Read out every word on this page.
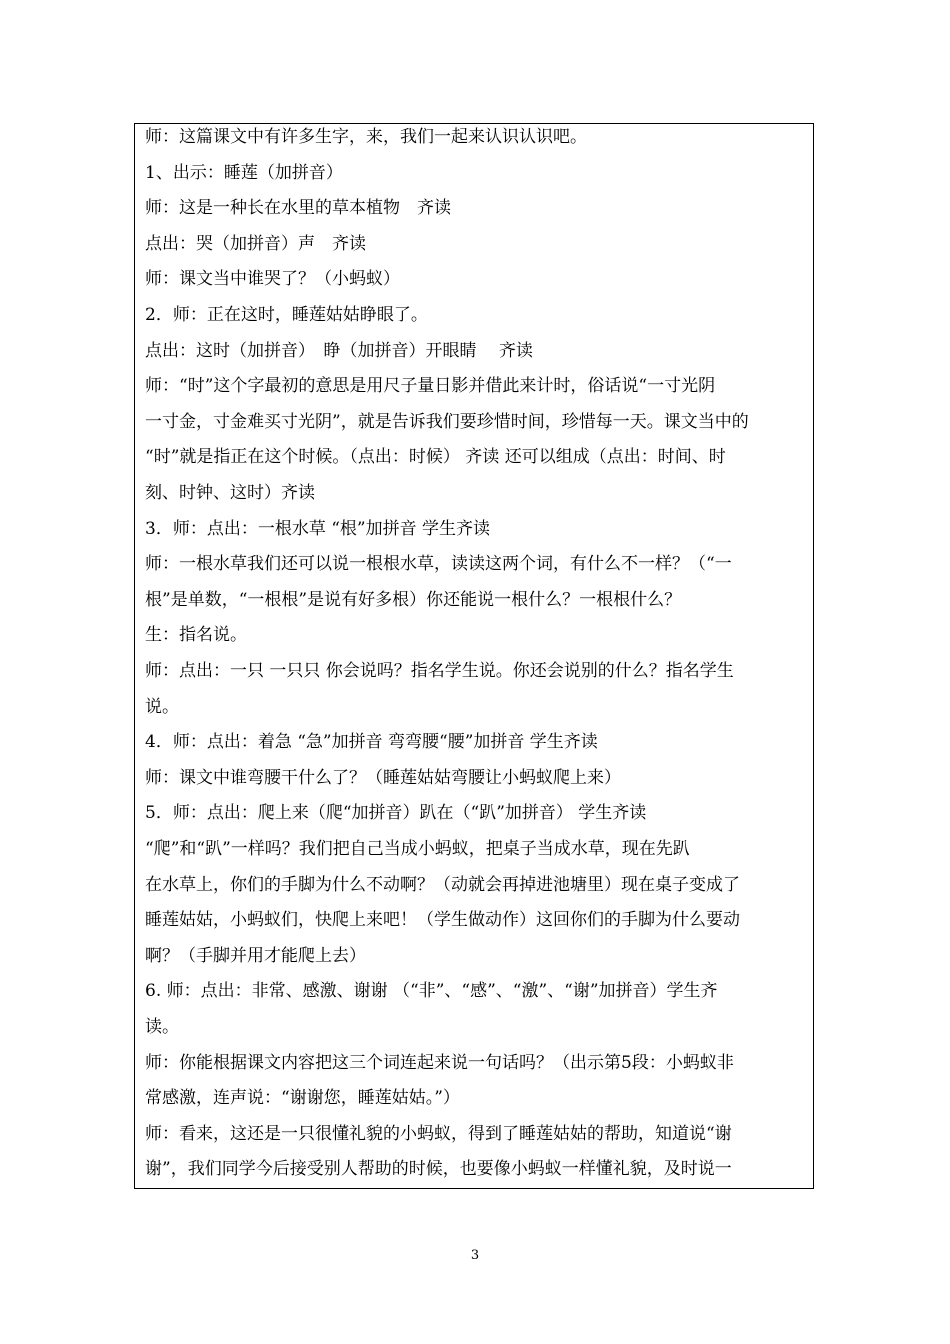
师：这篇课文中有许多生字，来，我们一起来认识认识吧。
1、出示：睡莲（加拼音）
师：这是一种长在水里的草本植物　齐读
点出：哭（加拼音）声　齐读
师：课文当中谁哭了？（小蚂蚁）
2．师：正在这时，睡莲姑姑睁眼了。
点出：这时（加拼音）　睁（加拼音）开眼睛　 齐读
师：“时”这个字最初的意思是用尺子量日影并借此来计时，俗话说“一寸光阴
一寸金，寸金难买寸光阴”，就是告诉我们要珍惜时间，珍惜每一天。课文当中的
“时”就是指正在这个时候。（点出：时候） 齐读 还可以组成（点出：时间、时
刻、时钟、这时）齐读
3．师：点出：一根水草 “根”加拼音 学生齐读
师：一根水草我们还可以说一根根水草，读读这两个词，有什么不一样？（“一
根”是单数，“一根根”是说有好多根）你还能说一根什么？一根根什么？
生：指名说。
师：点出：一只 一只只 你会说吗？指名学生说。你还会说别的什么？指名学生
说。
4．师：点出：着急 “急”加拼音 弯弯腰“腰”加拼音 学生齐读
师：课文中谁弯腰干什么了？（睡莲姑姑弯腰让小蚂蚁爬上来）
5．师：点出：爬上来（爬“加拼音）趴在（“趴”加拼音） 学生齐读
“爬”和“趴”一样吗？我们把自己当成小蚂蚁，把桌子当成水草，现在先趴
在水草上，你们的手脚为什么不动啊？（动就会再掉进池塘里）现在桌子变成了
睡莲姑姑，小蚂蚁们，快爬上来吧！（学生做动作）这回你们的手脚为什么要动
啊？（手脚并用才能爬上去）
6. 师：点出：非常、感激、谢谢 （“非”、“感”、“激”、“谢”加拼音）学生齐
读。
师：你能根据课文内容把这三个词连起来说一句话吗？（出示第5段：小蚂蚁非
常感激，连声说：“谢谢您，睡莲姑姑。”）
师：看来，这还是一只很懂礼貌的小蚂蚁，得到了睡莲姑姑的帮助，知道说“谢
谢”，我们同学今后接受别人帮助的时候，也要像小蚂蚁一样懂礼貌，及时说一
3
